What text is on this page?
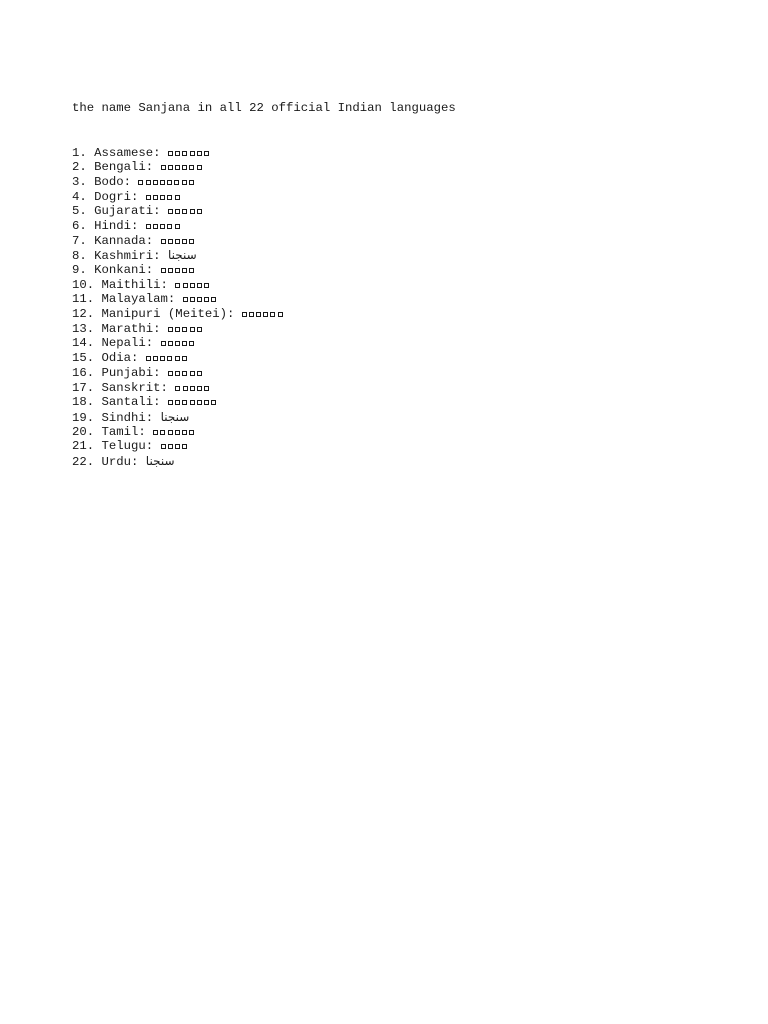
the name Sanjana in all 22 official Indian languages

1. Assamese:
2. Bengali:
3. Bodo:
4. Dogri:
5. Gujarati:
6. Hindi:
7. Kannada:
8. Kashmiri: سنجنا
9. Konkani:
10. Maithili:
11. Malayalam:
12. Manipuri (Meitei):
13. Marathi:
14. Nepali:
15. Odia:
16. Punjabi:
17. Sanskrit:
18. Santali:
19. Sindhi: سنجنا
20. Tamil:
21. Telugu:
22. Urdu: سنجنا
